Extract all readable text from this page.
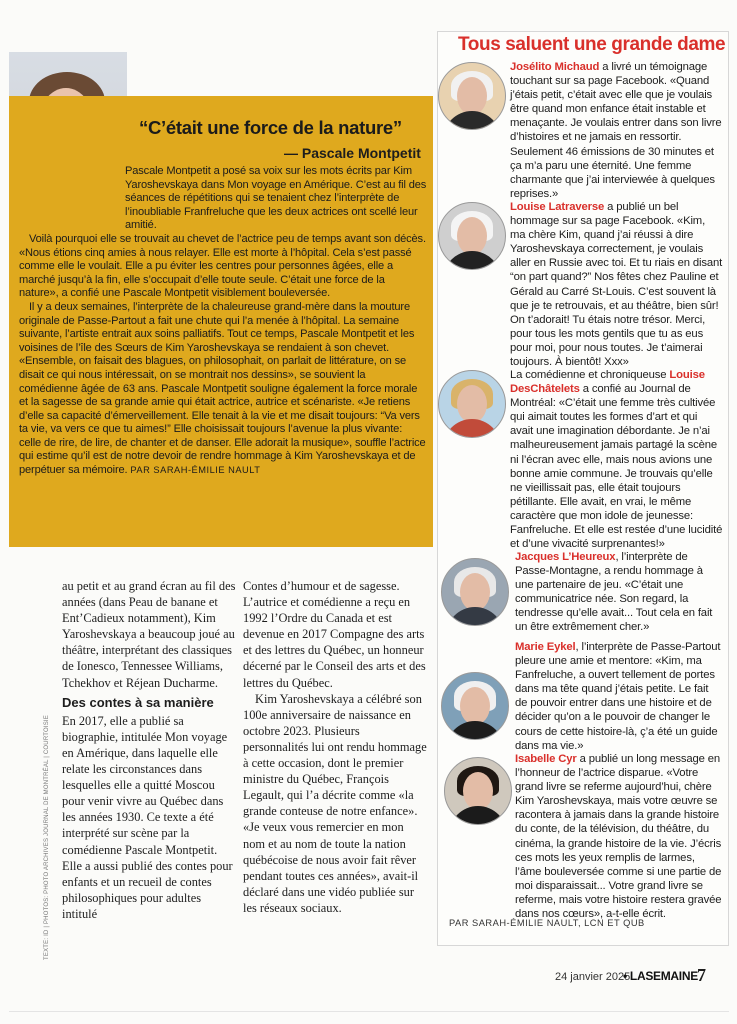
“C’était une force de la nature”
— Pascale Montpetit

Pascale Montpetit a posé sa voix sur les mots écrits par Kim Yaroshevskaya dans Mon voyage en Amérique. C’est au fil des séances de répétitions qui se tenaient chez l’interprète de l’inoubliable Franfreluche que les deux actrices ont scellé leur amitié.

Voilà pourquoi elle se trouvait au chevet de l’actrice peu de temps avant son décès. «Nous étions cinq amies à nous relayer. Elle est morte à l’hôpital. Cela s’est passé comme elle le voulait. Elle a pu éviter les centres pour personnes âgées, elle a marché jusqu’à la fin, elle s’occupait d’elle toute seule. C’était une force de la nature», a confié une Pascale Montpetit visiblement bouleversée.

Il y a deux semaines, l’interprète de la chaleureuse grand-mère dans la mouture originale de Passe-Partout a fait une chute qui l’a menée à l’hôpital. La semaine suivante, l’artiste entrait aux soins palliatifs. Tout ce temps, Pascale Montpetit et les voisines de l’île des Sœurs de Kim Yaroshevskaya se rendaient à son chevet. «Ensemble, on faisait des blagues, on philosophait, on parlait de littérature, on se disait ce qui nous intéressait, on se montrait nos dessins», se souvient la comédienne âgée de 63 ans. Pascale Montpetit souligne également la force morale et la sagesse de sa grande amie qui était actrice, autrice et scénariste. «Je retiens d’elle sa capacité d’émerveillement. Elle tenait à la vie et me disait toujours: “Va vers ta vie, va vers ce que tu aimes!” Elle choisissait toujours l’avenue la plus vivante: celle de rire, de lire, de chanter et de danser. Elle adorait la musique», souffle l’actrice qui estime qu’il est de notre devoir de rendre hommage à Kim Yaroshevskaya et de perpétuer sa mémoire. PAR SARAH-ÉMILIE NAULT

au petit et au grand écran au fil des années (dans Peau de banane et Ent’Cadieux notamment), Kim Yaroshevskaya a beaucoup joué au théâtre, interprétant des classiques de Ionesco, Tennessee Williams, Tchekhov et Réjean Ducharme.

Des contes à sa manière

En 2017, elle a publié sa biographie, intitulée Mon voyage en Amérique, dans laquelle elle relate les circonstances dans lesquelles elle a quitté Moscou pour venir vivre au Québec dans les années 1930. Ce texte a été interprété sur scène par la comédienne Pascale Montpetit. Elle a aussi publié des contes pour enfants et un recueil de contes philosophiques pour adultes intitulé

Contes d’humour et de sagesse. L’autrice et comédienne a reçu en 1992 l’Ordre du Canada et est devenue en 2017 Compagne des arts et des lettres du Québec, un honneur décerné par le Conseil des arts et des lettres du Québec.

Kim Yaroshevskaya a célébré son 100e anniversaire de naissance en octobre 2023. Plusieurs personnalités lui ont rendu hommage à cette occasion, dont le premier ministre du Québec, François Legault, qui l’a décrite comme «la grande conteuse de notre enfance». «Je veux vous remercier en mon nom et au nom de toute la nation québécoise de nous avoir fait rêver pendant toutes ces années», avait-il déclaré dans une vidéo publiée sur les réseaux sociaux.

TEXTE: ID | PHOTOS: PHOTO ARCHIVES JOURNAL DE MONTRÉAL | COURTOISIE
Tous saluent une grande dame
Josélito Michaud a livré un témoignage touchant sur sa page Facebook. «Quand j’étais petit, c’était avec elle que je voulais être quand mon enfance était instable et menaçante. Je voulais entrer dans son livre d’histoires et ne jamais en ressortir. Seulement 46 émissions de 30 minutes et ça m’a paru une éternité. Une femme charmante que j’ai interviewée à quelques reprises.»
Louise Latraverse a publié un bel hommage sur sa page Facebook. «Kim, ma chère Kim, quand j’ai réussi à dire Yaroshevskaya correctement, je voulais aller en Russie avec toi. Et tu riais en disant “on part quand?” Nos fêtes chez Pauline et Gérald au Carré St-Louis. C’est souvent là que je te retrouvais, et au théâtre, bien sûr! On t’adorait! Tu étais notre trésor. Merci, pour tous les mots gentils que tu as eus pour moi, pour nous toutes. Je t’aimerai toujours. À bientôt! Xxx»
La comédienne et chroniqueuse Louise DesChâtelets a confié au Journal de Montréal: «C’était une femme très cultivée qui aimait toutes les formes d’art et qui avait une imagination débordante. Je n’ai malheureusement jamais partagé la scène ni l’écran avec elle, mais nous avions une bonne amie commune. Je trouvais qu’elle ne vieillissait pas, elle était toujours pétillante. Elle avait, en vrai, le même caractère que mon idole de jeunesse: Fanfreluche. Et elle est restée d’une lucidité et d’une vivacité surprenantes!»
Jacques L’Heureux, l’interprète de Passe-Montagne, a rendu hommage à une partenaire de jeu. «C’était une communicatrice née. Son regard, la tendresse qu’elle avait... Tout cela en fait un être extrêmement cher.»
Marie Eykel, l’interprète de Passe-Partout pleure une amie et mentore: «Kim, ma Fanfreluche, a ouvert tellement de portes dans ma tête quand j’étais petite. Le fait de pouvoir entrer dans une histoire et de décider qu’on a le pouvoir de changer le cours de cette histoire-là, ç’a été un guide dans ma vie.»
Isabelle Cyr a publié un long message en l’honneur de l’actrice disparue. «Votre grand livre se referme aujourd’hui, chère Kim Yaroshevskaya, mais votre œuvre se racontera à jamais dans la grande histoire du conte, de la télévision, du théâtre, du cinéma, la grande histoire de la vie. J’écris ces mots les yeux remplis de larmes, l’âme bouleversée comme si une partie de moi disparaissait... Votre grand livre se referme, mais votre histoire restera gravée dans nos cœurs», a-t-elle écrit.
PAR SARAH-ÉMILIE NAULT, LCN ET QUB
24 janvier 2025
• LASEMAINE 7
